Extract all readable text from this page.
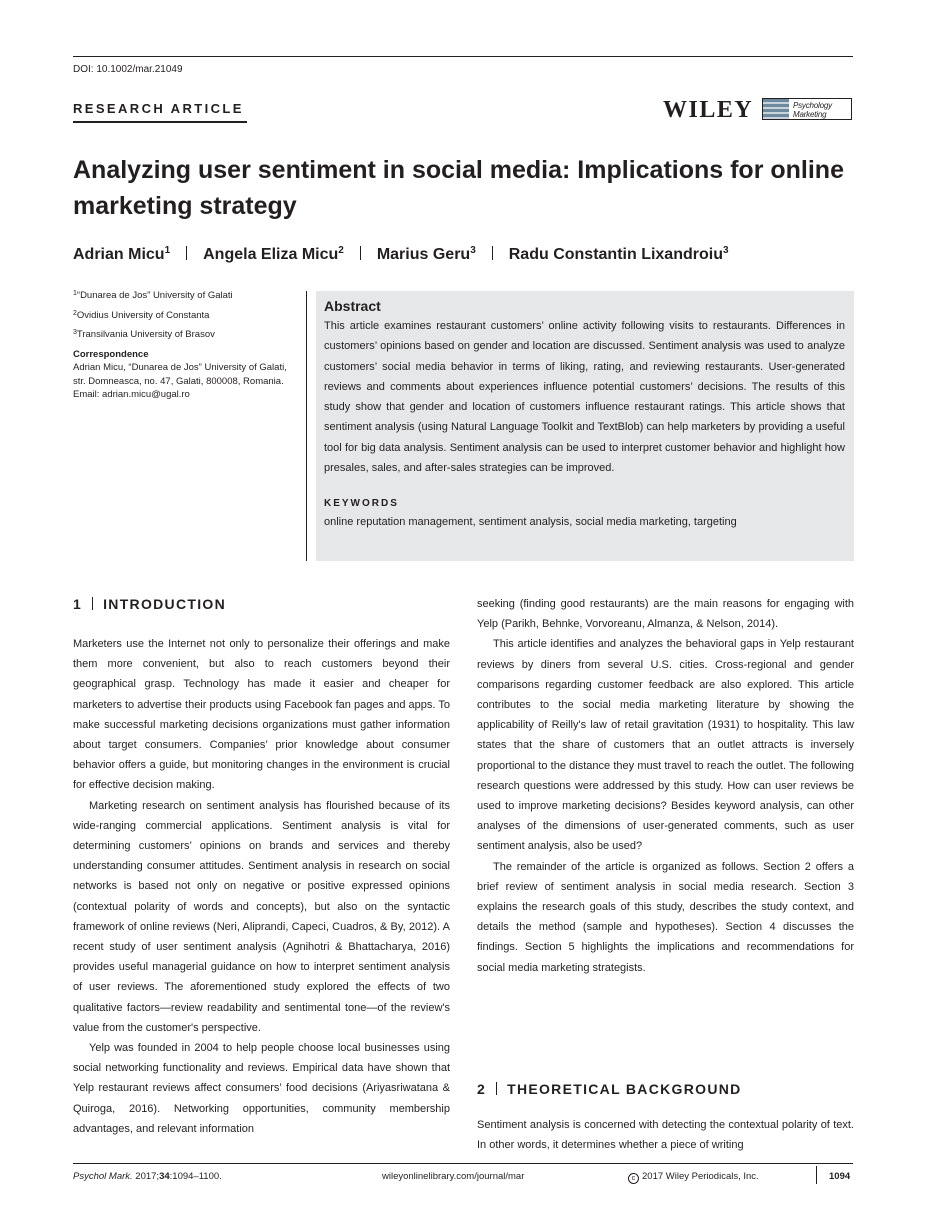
DOI: 10.1002/mar.21049
RESEARCH ARTICLE	WILEY	Psychology Marketing
Analyzing user sentiment in social media: Implications for online marketing strategy
Adrian Micu$^1$ Angela Eliza Micu$^2$ Marius Geru$^3$ Radu Constantin Lixandroiu$^3$

$^1$“Dunarea de Jos” University of Galati

$^2$Ovidius University of Constanta

$^3$Transilvania University of Brasov

Correspondence

Adrian Micu, “Dunarea de Jos” University of Galati, str. Domneasca, no. 47, Galati, 800008, Romania.

Email: adrian.micu@ugal.ro

Abstract
This article examines restaurant customers’ online activity following visits to restaurants. Differences in customers’ opinions based on gender and location are discussed. Sentiment analysis was used to analyze customers’ social media behavior in terms of liking, rating, and reviewing restaurants. User-generated reviews and comments about experiences influence potential customers’ decisions. The results of this study show that gender and location of customers influence restaurant ratings. This article shows that sentiment analysis (using Natural Language Toolkit and TextBlob) can help marketers by providing a useful tool for big data analysis. Sentiment analysis can be used to interpret customer behavior and highlight how presales, sales, and after-sales strategies can be improved.
KEYWORDS
online reputation management, sentiment analysis, social media marketing, targeting
1 INTRODUCTION

Marketers use the Internet not only to personalize their offerings and make them more convenient, but also to reach customers beyond their geographical grasp. Technology has made it easier and cheaper for marketers to advertise their products using Facebook fan pages and apps. To make successful marketing decisions organizations must gather information about target consumers. Companies’ prior knowledge about consumer behavior offers a guide, but monitoring changes in the environment is crucial for effective decision making.

Marketing research on sentiment analysis has flourished because of its wide-ranging commercial applications. Sentiment analysis is vital for determining customers’ opinions on brands and services and thereby understanding consumer attitudes. Sentiment analysis in research on social networks is based not only on negative or positive expressed opinions (contextual polarity of words and concepts), but also on the syntactic framework of online reviews (Neri, Aliprandi, Capeci, Cuadros, & By, 2012). A recent study of user sentiment analysis (Agnihotri & Bhattacharya, 2016) provides useful managerial guidance on how to interpret sentiment analysis of user reviews. The aforementioned study explored the effects of two qualitative factors—review readability and sentimental tone—of the review's value from the customer's perspective.

Yelp was founded in 2004 to help people choose local businesses using social networking functionality and reviews. Empirical data have shown that Yelp restaurant reviews affect consumers’ food decisions (Ariyasriwatana & Quiroga, 2016). Networking opportunities, community membership advantages, and relevant information

seeking (finding good restaurants) are the main reasons for engaging with Yelp (Parikh, Behnke, Vorvoreanu, Almanza, & Nelson, 2014).

This article identifies and analyzes the behavioral gaps in Yelp restaurant reviews by diners from several U.S. cities. Cross-regional and gender comparisons regarding customer feedback are also explored. This article contributes to the social media marketing literature by showing the applicability of Reilly's law of retail gravitation (1931) to hospitality. This law states that the share of customers that an outlet attracts is inversely proportional to the distance they must travel to reach the outlet. The following research questions were addressed by this study. How can user reviews be used to improve marketing decisions? Besides keyword analysis, can other analyses of the dimensions of user-generated comments, such as user sentiment analysis, also be used?

The remainder of the article is organized as follows. Section 2 offers a brief review of sentiment analysis in social media research. Section 3 explains the research goals of this study, describes the study context, and details the method (sample and hypotheses). Section 4 discusses the findings. Section 5 highlights the implications and recommendations for social media marketing strategists.

2 THEORETICAL BACKGROUND

Sentiment analysis is concerned with detecting the contextual polarity of text. In other words, it determines whether a piece of writing

Psychol Mark. 2017;34:1094–1100.	wileyonlinelibrary.com/journal/mar	c 2017 Wiley Periodicals, Inc.	1094
